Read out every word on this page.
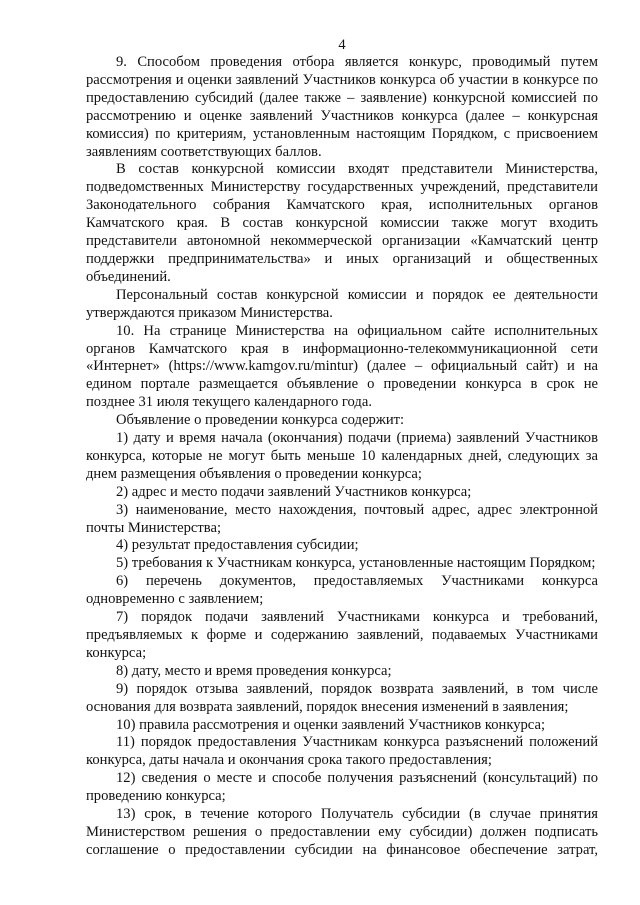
4

9. Способом проведения отбора является конкурс, проводимый путем рассмотрения и оценки заявлений Участников конкурса об участии в конкурсе по предоставлению субсидий (далее также – заявление) конкурсной комиссией по рассмотрению и оценке заявлений Участников конкурса (далее – конкурсная комиссия) по критериям, установленным настоящим Порядком, с присвоением заявлениям соответствующих баллов.

В состав конкурсной комиссии входят представители Министерства, подведомственных Министерству государственных учреждений, представители Законодательного собрания Камчатского края, исполнительных органов Камчатского края. В состав конкурсной комиссии также могут входить представители автономной некоммерческой организации «Камчатский центр поддержки предпринимательства» и иных организаций и общественных объединений.

Персональный состав конкурсной комиссии и порядок ее деятельности утверждаются приказом Министерства.

10. На странице Министерства на официальном сайте исполнительных органов Камчатского края в информационно-телекоммуникационной сети «Интернет» (https://www.kamgov.ru/mintur) (далее – официальный сайт) и на едином портале размещается объявление о проведении конкурса в срок не позднее 31 июля текущего календарного года.

Объявление о проведении конкурса содержит:

1) дату и время начала (окончания) подачи (приема) заявлений Участников конкурса, которые не могут быть меньше 10 календарных дней, следующих за днем размещения объявления о проведении конкурса;

2) адрес и место подачи заявлений Участников конкурса;

3) наименование, место нахождения, почтовый адрес, адрес электронной почты Министерства;

4) результат предоставления субсидии;

5) требования к Участникам конкурса, установленные настоящим Порядком;

6) перечень документов, предоставляемых Участниками конкурса одновременно с заявлением;

7) порядок подачи заявлений Участниками конкурса и требований, предъявляемых к форме и содержанию заявлений, подаваемых Участниками конкурса;

8) дату, место и время проведения конкурса;

9) порядок отзыва заявлений, порядок возврата заявлений, в том числе основания для возврата заявлений, порядок внесения изменений в заявления;

10) правила рассмотрения и оценки заявлений Участников конкурса;

11) порядок предоставления Участникам конкурса разъяснений положений конкурса, даты начала и окончания срока такого предоставления;

12) сведения о месте и способе получения разъяснений (консультаций) по проведению конкурса;

13) срок, в течение которого Получатель субсидии (в случае принятия Министерством решения о предоставлении ему субсидии) должен подписать соглашение о предоставлении субсидии на финансовое обеспечение затрат,
